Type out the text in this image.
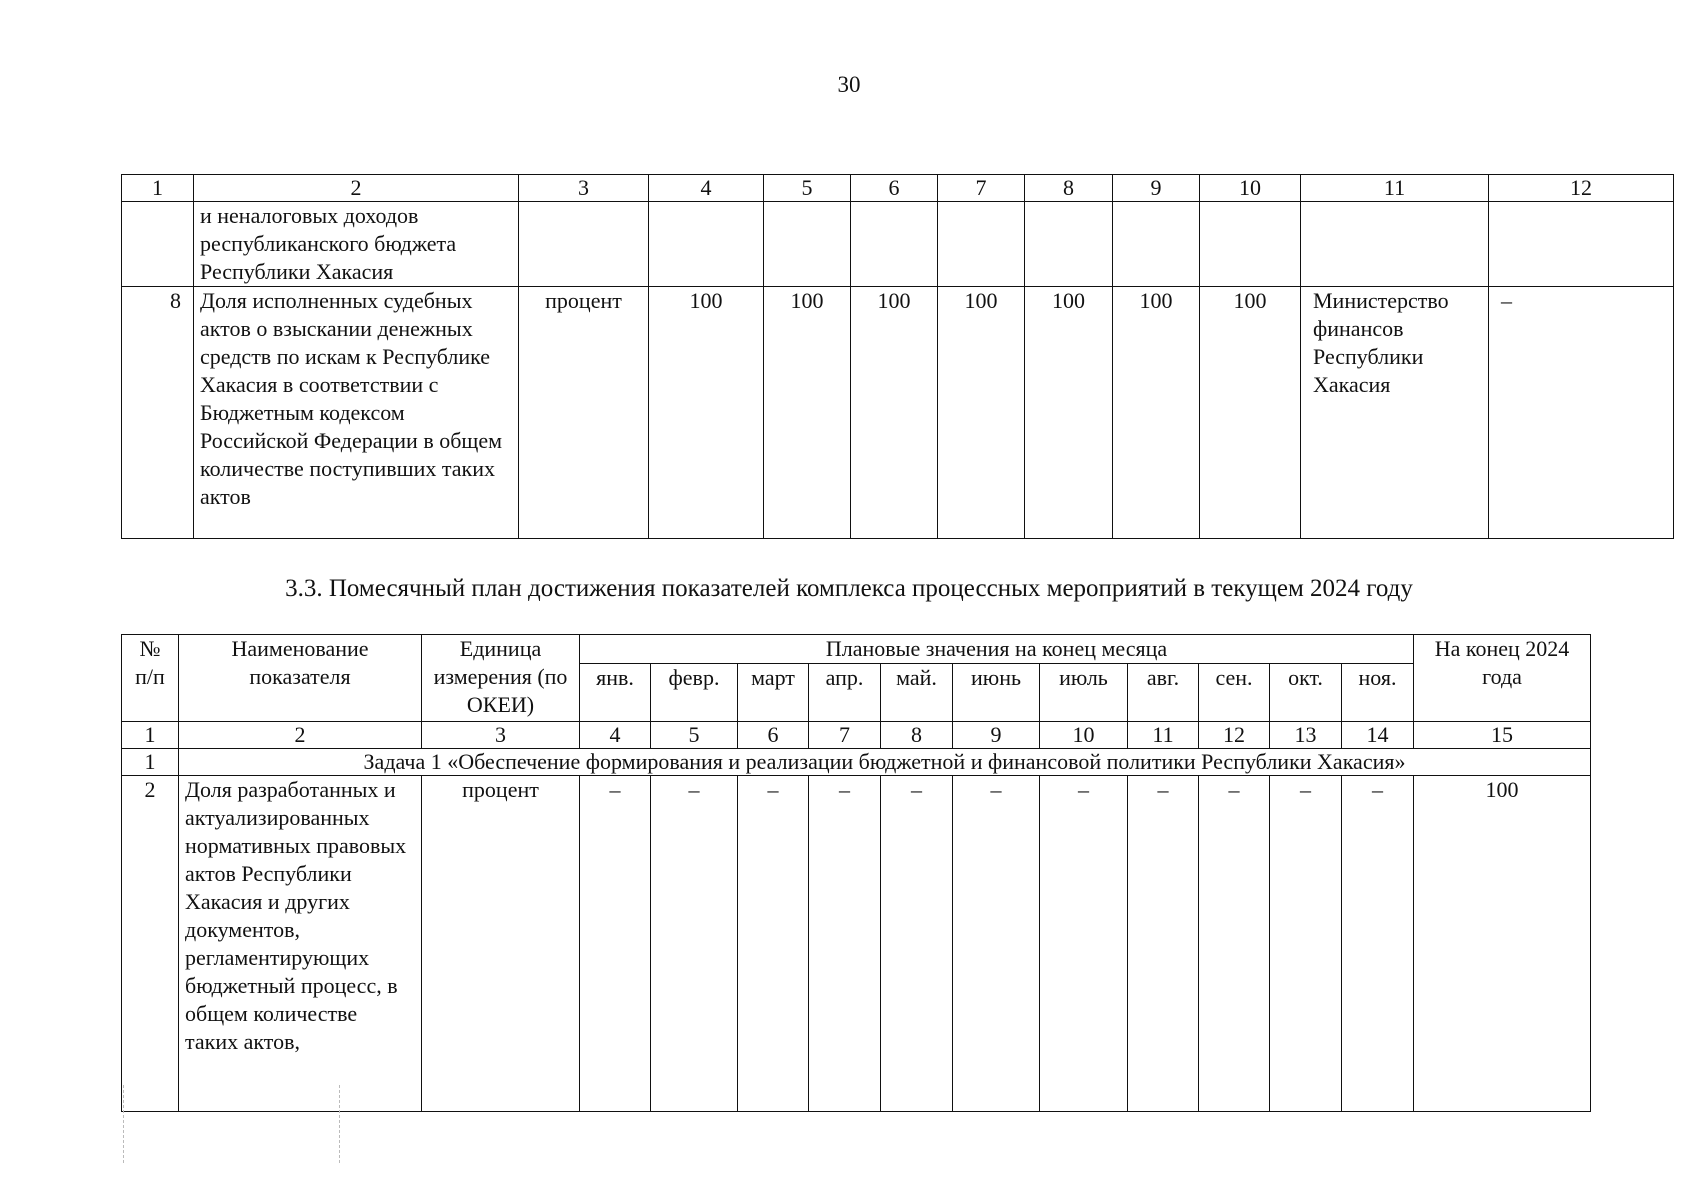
30
1	2	3	4	5	6	7	8	9	10	11	12
	и неналоговых доходов республиканского бюджета Республики Хакасия										
8	Доля исполненных судебных актов о взыскании денежных средств по искам к Республике Хакасия в соответствии с Бюджетным кодексом Российской Федерации в общем количестве поступивших таких актов	процент	100	100	100	100	100	100	100	Министерство финансов Республики Хакасия	–
3.3. Помесячный план достижения показателей комплекса процессных мероприятий в текущем 2024 году
№ п/п	Наименование показателя	Единица измерения (по ОКЕИ)	Плановые значения на конец месяца											На конец 2024 года
			янв.	февр.	март	апр.	май.	июнь	июль	авг.	сен.	окт.	ноя.	
1	2	3	4	5	6	7	8	9	10	11	12	13	14	15
1	Задача 1 «Обеспечение формирования и реализации бюджетной и финансовой политики Республики Хакасия»													
2	Доля разработанных и актуализированных нормативных правовых актов Республики Хакасия и других документов, регламентирующих бюджетный процесс, в общем количестве таких актов,	процент	–	–	–	–	–	–	–	–	–	–	–	100
